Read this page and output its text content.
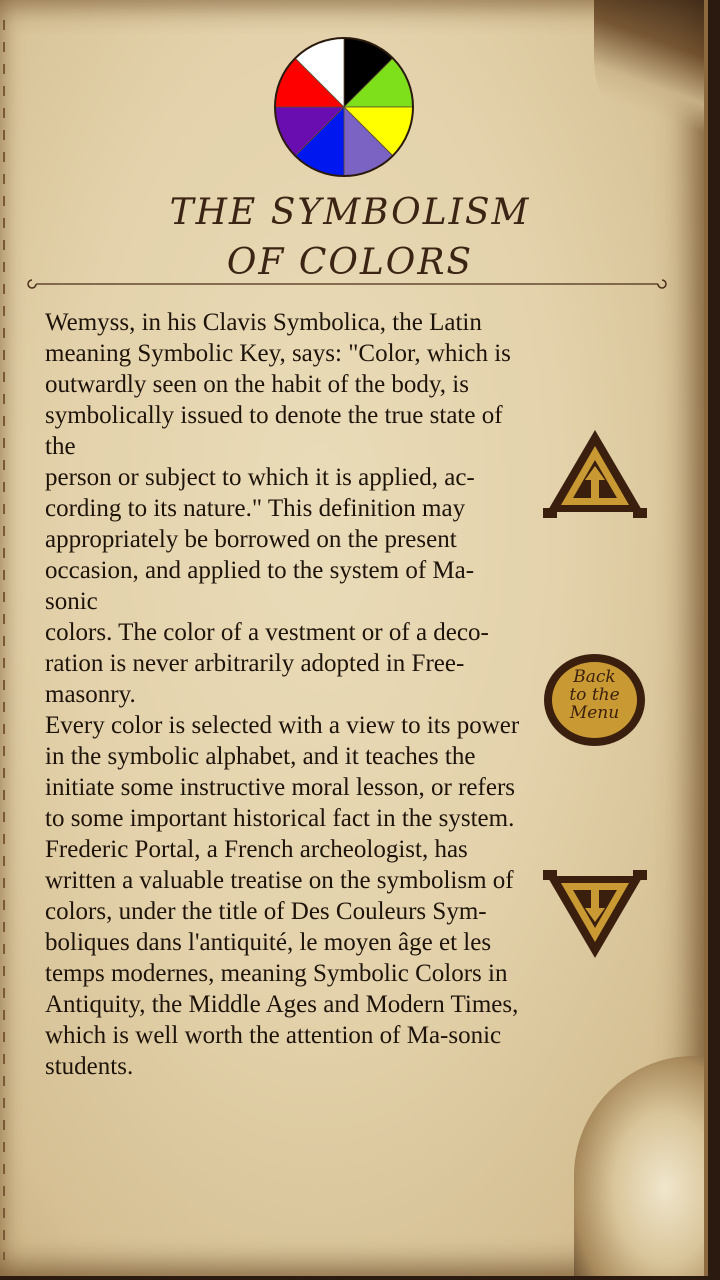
THE SYMBOLISM
OF COLORS

Wemyss, in his Clavis Symbolica, the Latin meaning Symbolic Key, says: "Color, which is
outwardly seen on the habit of the body, is symbolically issued to denote the true state of the
person or subject to which it is applied, ac-cording to its nature." This definition may appropriately be borrowed on the present occasion, and applied to the system of Ma-sonic
colors. The color of a vestment or of a deco-ration is never arbitrarily adopted in Free-masonry.
Every color is selected with a view to its power in the symbolic alphabet, and it teaches the
initiate some instructive moral lesson, or refers to some important historical fact in the system.
Frederic Portal, a French archeologist, has written a valuable treatise on the symbolism of
colors, under the title of Des Couleurs Sym-boliques dans l'antiquité, le moyen âge et les temps modernes, meaning Symbolic Colors in Antiquity, the Middle Ages and Modern Times,
which is well worth the attention of Ma-sonic students.

Back
to the
Menu
